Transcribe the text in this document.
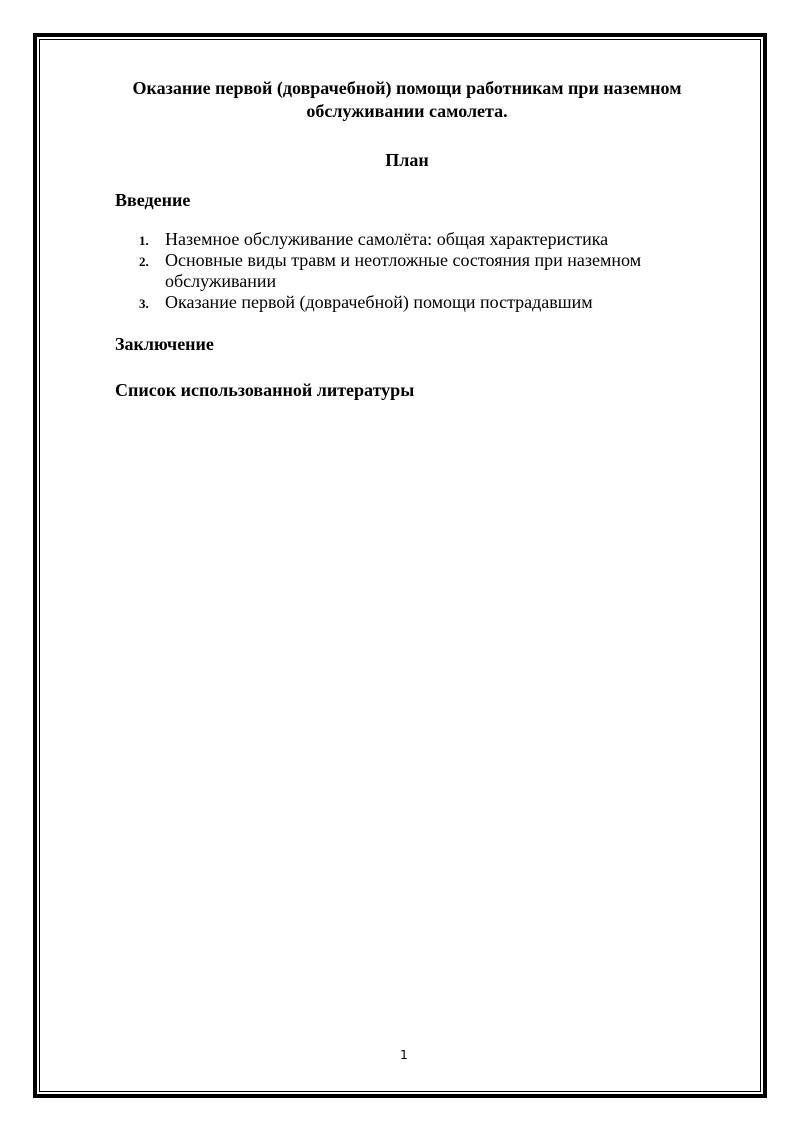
Оказание первой (доврачебной) помощи работникам при наземном обслуживании самолета.
План
Введение
1. Наземное обслуживание самолёта: общая характеристика
2. Основные виды травм и неотложные состояния при наземном обслуживании
3. Оказание первой (доврачебной) помощи пострадавшим
Заключение
Список использованной литературы
1
